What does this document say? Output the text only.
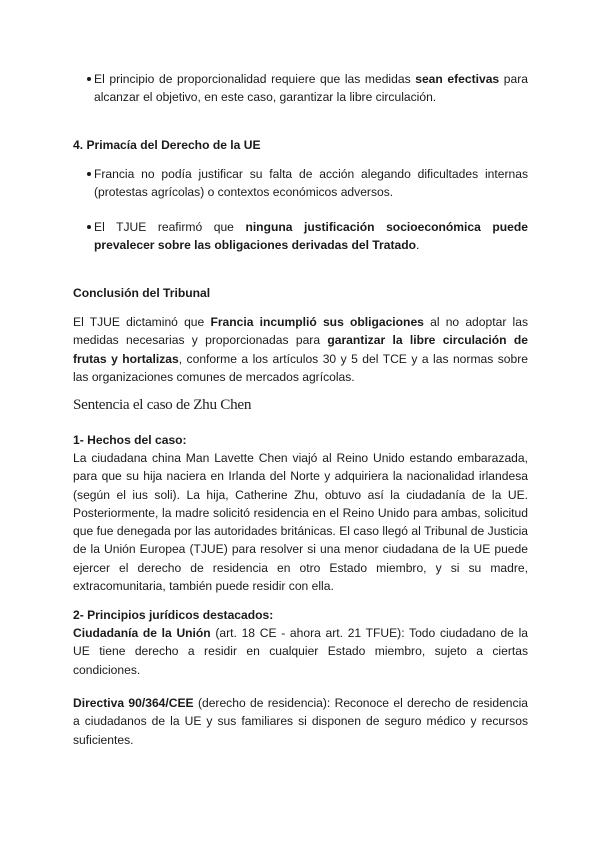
El principio de proporcionalidad requiere que las medidas sean efectivas para alcanzar el objetivo, en este caso, garantizar la libre circulación.
4. Primacía del Derecho de la UE
Francia no podía justificar su falta de acción alegando dificultades internas (protestas agrícolas) o contextos económicos adversos.
El TJUE reafirmó que ninguna justificación socioeconómica puede prevalecer sobre las obligaciones derivadas del Tratado.
Conclusión del Tribunal
El TJUE dictaminó que Francia incumplió sus obligaciones al no adoptar las medidas necesarias y proporcionadas para garantizar la libre circulación de frutas y hortalizas, conforme a los artículos 30 y 5 del TCE y a las normas sobre las organizaciones comunes de mercados agrícolas.
Sentencia el caso de Zhu Chen
1- Hechos del caso:
La ciudadana china Man Lavette Chen viajó al Reino Unido estando embarazada, para que su hija naciera en Irlanda del Norte y adquiriera la nacionalidad irlandesa (según el ius soli). La hija, Catherine Zhu, obtuvo así la ciudadanía de la UE. Posteriormente, la madre solicitó residencia en el Reino Unido para ambas, solicitud que fue denegada por las autoridades británicas. El caso llegó al Tribunal de Justicia de la Unión Europea (TJUE) para resolver si una menor ciudadana de la UE puede ejercer el derecho de residencia en otro Estado miembro, y si su madre, extracomunitaria, también puede residir con ella.
2- Principios jurídicos destacados:
Ciudadanía de la Unión (art. 18 CE - ahora art. 21 TFUE): Todo ciudadano de la UE tiene derecho a residir en cualquier Estado miembro, sujeto a ciertas condiciones.
Directiva 90/364/CEE (derecho de residencia): Reconoce el derecho de residencia a ciudadanos de la UE y sus familiares si disponen de seguro médico y recursos suficientes.
